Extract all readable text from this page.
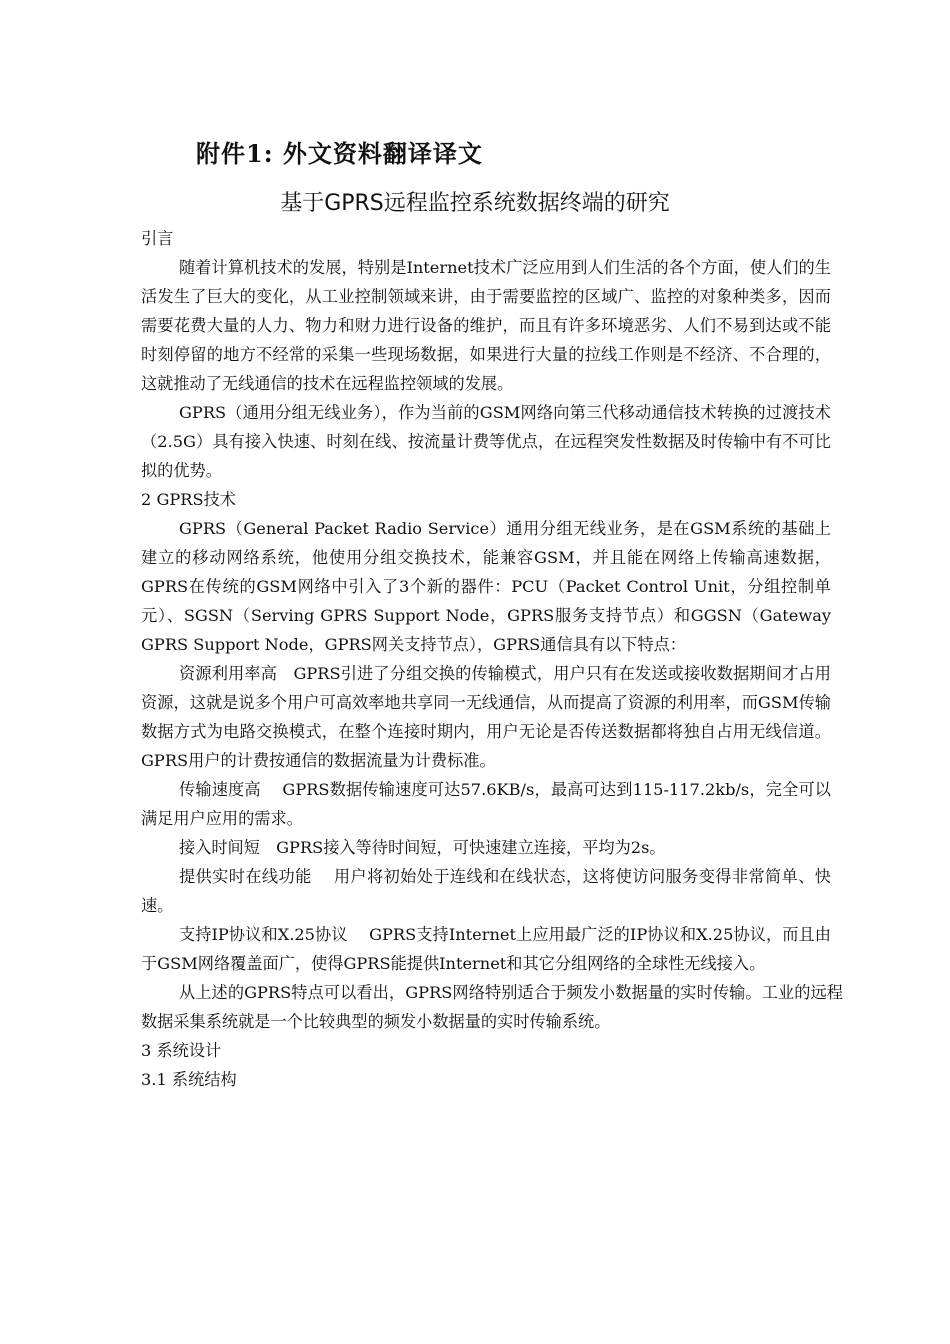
附件1: 外文资料翻译译文
基于GPRS远程监控系统数据终端的研究

引言

随着计算机技术的发展，特别是Internet技术广泛应用到人们生活的各个方面，使人们的生活发生了巨大的变化，从工业控制领域来讲，由于需要监控的区域广、监控的对象种类多，因而需要花费大量的人力、物力和财力进行设备的维护，而且有许多环境恶劣、人们不易到达或不能时刻停留的地方不经常的采集一些现场数据，如果进行大量的拉线工作则是不经济、不合理的，这就推动了无线通信的技术在远程监控领域的发展。

GPRS（通用分组无线业务），作为当前的GSM网络向第三代移动通信技术转换的过渡技术（2.5G）具有接入快速、时刻在线、按流量计费等优点，在远程突发性数据及时传输中有不可比拟的优势。

2 GPRS技术

GPRS（General Packet Radio Service）通用分组无线业务，是在GSM系统的基础上建立的移动网络系统，他使用分组交换技术，能兼容GSM，并且能在网络上传输高速数据，GPRS在传统的GSM网络中引入了3个新的器件：PCU（Packet Control Unit，分组控制单元）、SGSN（Serving GPRS Support Node，GPRS服务支持节点）和GGSN（Gateway GPRS Support Node，GPRS网关支持节点），GPRS通信具有以下特点：

资源利用率高　GPRS引进了分组交换的传输模式，用户只有在发送或接收数据期间才占用资源，这就是说多个用户可高效率地共享同一无线通信，从而提高了资源的利用率，而GSM传输数据方式为电路交换模式，在整个连接时期内，用户无论是否传送数据都将独自占用无线信道。GPRS用户的计费按通信的数据流量为计费标准。

传输速度高　 GPRS数据传输速度可达57.6KB/s，最高可达到115-117.2kb/s，完全可以满足用户应用的需求。

接入时间短　GPRS接入等待时间短，可快速建立连接，平均为2s。

提供实时在线功能　 用户将初始处于连线和在线状态，这将使访问服务变得非常简单、快速。

支持IP协议和X.25协议　 GPRS支持Internet上应用最广泛的IP协议和X.25协议，而且由于GSM网络覆盖面广，使得GPRS能提供Internet和其它分组网络的全球性无线接入。

从上述的GPRS特点可以看出，GPRS网络特别适合于频发小数据量的实时传输。工业的远程数据采集系统就是一个比较典型的频发小数据量的实时传输系统。

3 系统设计

3.1 系统结构
